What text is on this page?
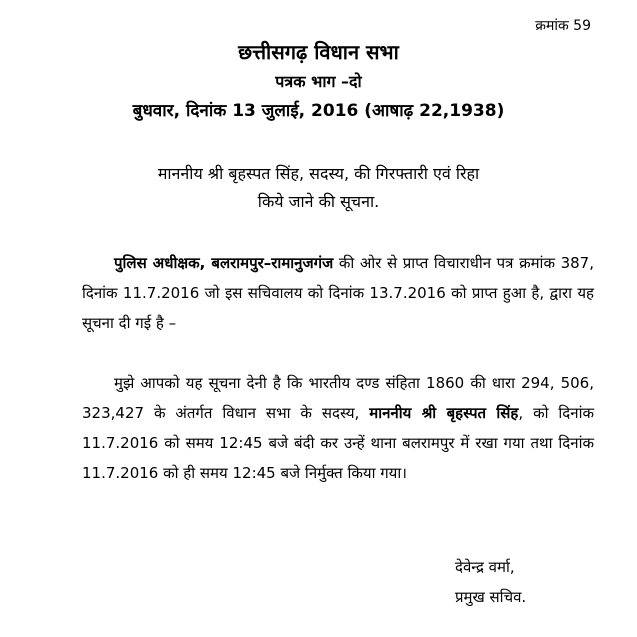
क्रमांक 59
छत्तीसगढ़ विधान सभा
पत्रक भाग –दो
बुधवार, दिनांक 13 जुलाई, 2016 (आषाढ़ 22,1938)
माननीय श्री बृहस्पत सिंह, सदस्य, की गिरफ्तारी एवं रिहा
किये जाने की सूचना.
पुलिस अधीक्षक, बलरामपुर–रामानुजगंज की ओर से प्राप्त विचाराधीन पत्र क्रमांक 387, दिनांक 11.7.2016 जो इस सचिवालय को दिनांक 13.7.2016 को प्राप्त हुआ है, द्वारा यह सूचना दी गई है –
मुझे आपको यह सूचना देनी है कि भारतीय दण्ड संहिता 1860 की धारा 294, 506, 323,427 के अंतर्गत विधान सभा के सदस्य, माननीय श्री बृहस्पत सिंह, को दिनांक 11.7.2016 को समय 12:45 बजे बंदी कर उन्हें थाना बलरामपुर में रखा गया तथा दिनांक 11.7.2016 को ही समय 12:45 बजे निर्मुक्त किया गया।
देवेन्द्र वर्मा,
प्रमुख सचिव.
